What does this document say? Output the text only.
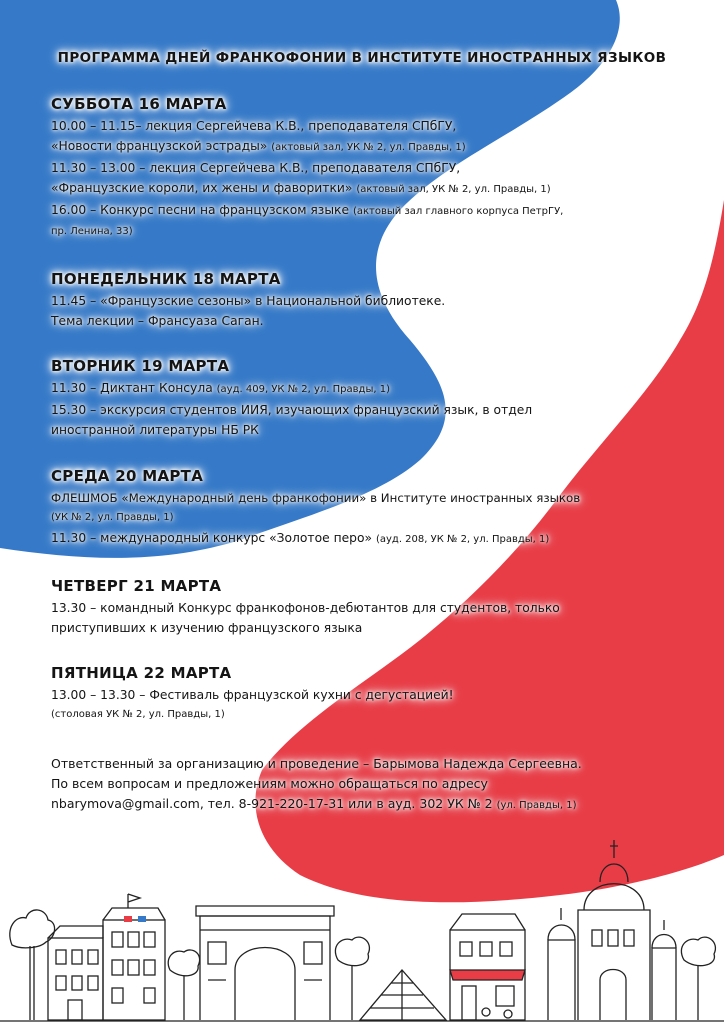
ПРОГРАММА ДНЕЙ ФРАНКОФОНИИ В ИНСТИТУТЕ ИНОСТРАННЫХ ЯЗЫКОВ
СУББОТА 16 МАРТА
10.00 – 11.15– лекция Сергейчева К.В., преподавателя СПбГУ,
«Новости французской эстрады» (актовый зал, УК № 2, ул. Правды, 1)
11.30 – 13.00 – лекция Сергейчева К.В., преподавателя СПбГУ,
«Французские короли, их жены и фаворитки» (актовый зал, УК № 2, ул. Правды, 1)
16.00 – Конкурс песни на французском языке (актовый зал главного корпуса ПетрГУ,
пр. Ленина, 33)
ПОНЕДЕЛЬНИК 18 МАРТА
11.45 – «Французские сезоны» в Национальной библиотеке.
Тема лекции – Франсуаза Саган.
ВТОРНИК 19 МАРТА
11.30 – Диктант Консула (ауд. 409, УК № 2, ул. Правды, 1)
15.30 – экскурсия студентов ИИЯ, изучающих французский язык, в отдел
иностранной литературы НБ РК
СРЕДА 20 МАРТА
ФЛЕШМОБ «Международный день франкофонии» в Институте иностранных языков
(УК № 2, ул. Правды, 1)
11.30 – международный конкурс «Золотое перо» (ауд. 208, УК № 2, ул. Правды, 1)
ЧЕТВЕРГ 21 МАРТА
13.30 – командный Конкурс франкофонов-дебютантов для студентов, только
приступивших к изучению французского языка
ПЯТНИЦА 22 МАРТА
13.00 – 13.30 – Фестиваль французской кухни с дегустацией!
(столовая УК № 2, ул. Правды, 1)
Ответственный за организацию и проведение – Барымова Надежда Сергеевна.
По всем вопросам и предложениям можно обращаться по адресу
nbarymova@gmail.com, тел. 8-921-220-17-31 или в ауд. 302 УК № 2 (ул. Правды, 1)
